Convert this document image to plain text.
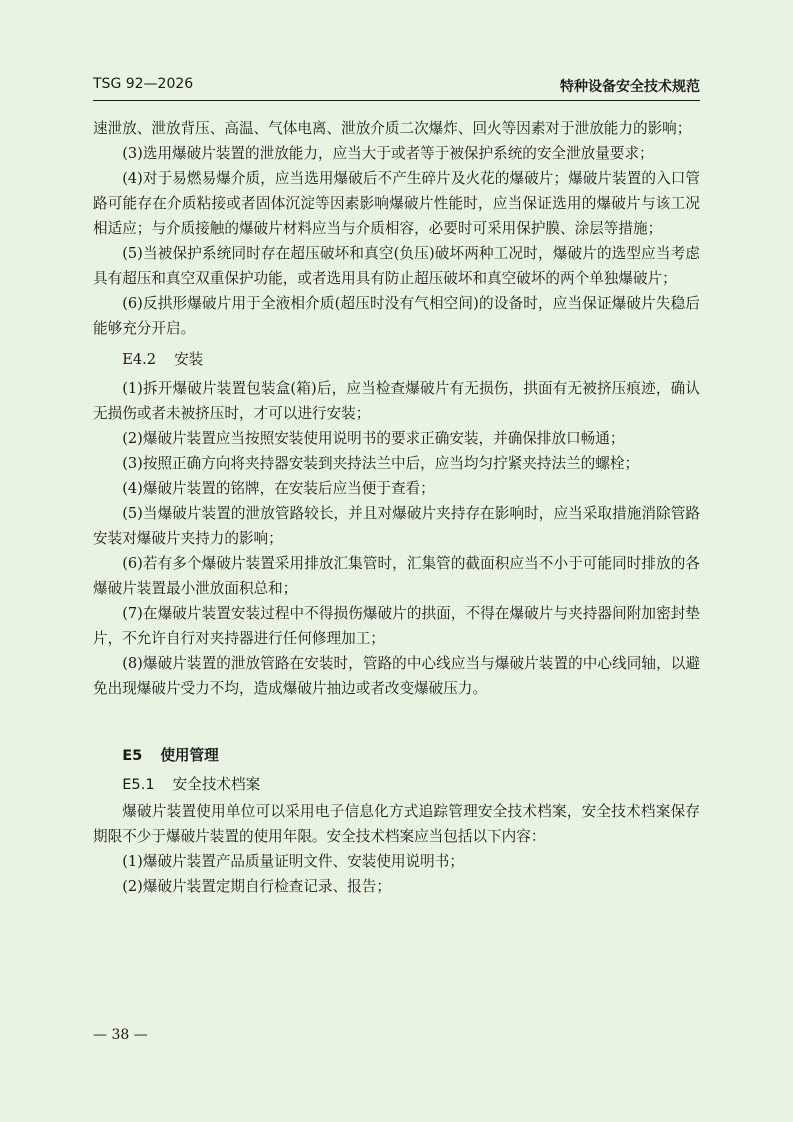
TSG 92—2026	特种设备安全技术规范

速泄放、泄放背压、高温、气体电离、泄放介质二次爆炸、回火等因素对于泄放能力的影响；

(3)选用爆破片装置的泄放能力，应当大于或者等于被保护系统的安全泄放量要求；

(4)对于易燃易爆介质，应当选用爆破后不产生碎片及火花的爆破片；爆破片装置的入口管路可能存在介质粘接或者固体沉淀等因素影响爆破片性能时，应当保证选用的爆破片与该工况相适应；与介质接触的爆破片材料应当与介质相容，必要时可采用保护膜、涂层等措施；

(5)当被保护系统同时存在超压破坏和真空(负压)破坏两种工况时，爆破片的选型应当考虑具有超压和真空双重保护功能，或者选用具有防止超压破坏和真空破坏的两个单独爆破片；

(6)反拱形爆破片用于全液相介质(超压时没有气相空间)的设备时，应当保证爆破片失稳后能够充分开启。

E4.2 安装

(1)拆开爆破片装置包装盒(箱)后，应当检查爆破片有无损伤，拱面有无被挤压痕迹，确认无损伤或者未被挤压时，才可以进行安装；

(2)爆破片装置应当按照安装使用说明书的要求正确安装，并确保排放口畅通；

(3)按照正确方向将夹持器安装到夹持法兰中后，应当均匀拧紧夹持法兰的螺栓；

(4)爆破片装置的铭牌，在安装后应当便于查看；

(5)当爆破片装置的泄放管路较长，并且对爆破片夹持存在影响时，应当采取措施消除管路安装对爆破片夹持力的影响；

(6)若有多个爆破片装置采用排放汇集管时，汇集管的截面积应当不小于可能同时排放的各爆破片装置最小泄放面积总和；

(7)在爆破片装置安装过程中不得损伤爆破片的拱面，不得在爆破片与夹持器间附加密封垫片，不允许自行对夹持器进行任何修理加工；

(8)爆破片装置的泄放管路在安装时，管路的中心线应当与爆破片装置的中心线同轴，以避免出现爆破片受力不均，造成爆破片抽边或者改变爆破压力。

E5 使用管理

E5.1 安全技术档案

爆破片装置使用单位可以采用电子信息化方式追踪管理安全技术档案，安全技术档案保存期限不少于爆破片装置的使用年限。安全技术档案应当包括以下内容：

(1)爆破片装置产品质量证明文件、安装使用说明书；

(2)爆破片装置定期自行检查记录、报告；

— 38 —
